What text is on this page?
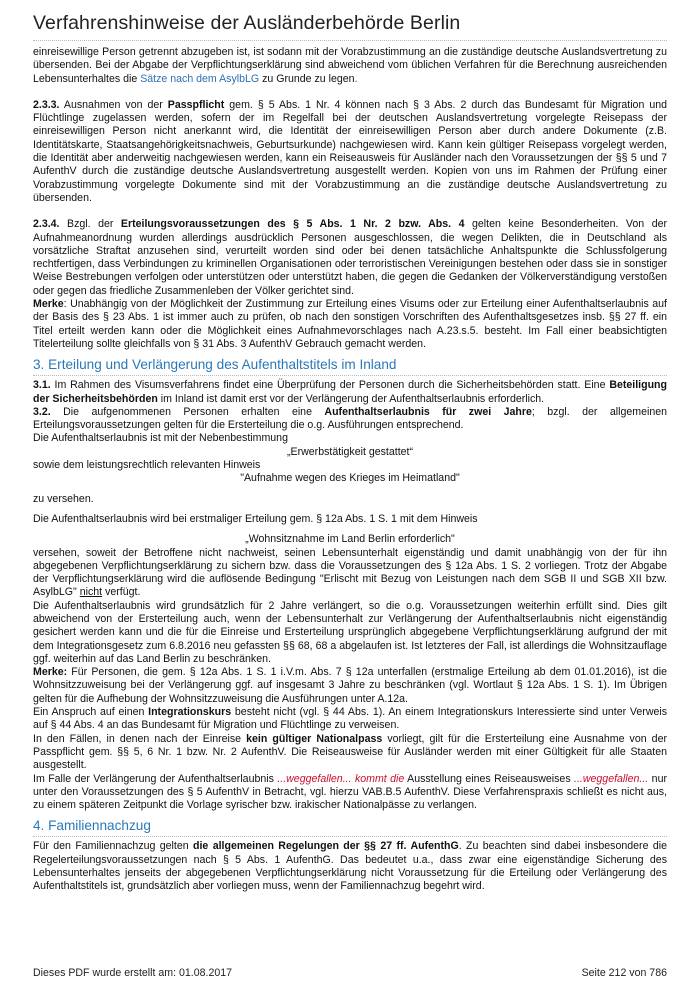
Verfahrenshinweise der Ausländerbehörde Berlin

einreisewillige Person getrennt abzugeben ist, ist sodann mit der Vorabzustimmung an die zuständige deutsche Auslandsvertretung zu übersenden. Bei der Abgabe der Verpflichtungserklärung sind abweichend vom üblichen Verfahren für die Berechnung ausreichenden Lebensunterhaltes die Sätze nach dem AsylbLG zu Grunde zu legen.

2.3.3. Ausnahmen von der Passpflicht gem. § 5 Abs. 1 Nr. 4 können nach § 3 Abs. 2 durch das Bundesamt für Migration und Flüchtlinge zugelassen werden, sofern der im Regelfall bei der deutschen Auslandsvertretung vorgelegte Reisepass der einreisewilligen Person nicht anerkannt wird, die Identität der einreisewilligen Person aber durch andere Dokumente (z.B. Identitätskarte, Staatsangehörigkeitsnachweis, Geburtsurkunde) nachgewiesen wird. Kann kein gültiger Reisepass vorgelegt werden, die Identität aber anderweitig nachgewiesen werden, kann ein Reiseausweis für Ausländer nach den Voraussetzungen der §§ 5 und 7 AufenthV durch die zuständige deutsche Auslandsvertretung ausgestellt werden. Kopien von uns im Rahmen der Prüfung einer Vorabzustimmung vorgelegte Dokumente sind mit der Vorabzustimmung an die zuständige deutsche Auslandsvertretung zu übersenden.

2.3.4. Bzgl. der Erteilungsvoraussetzungen des § 5 Abs. 1 Nr. 2 bzw. Abs. 4 gelten keine Besonderheiten. Von der Aufnahmeanordnung wurden allerdings ausdrücklich Personen ausgeschlossen, die wegen Delikten, die in Deutschland als vorsätzliche Straftat anzusehen sind, verurteilt worden sind oder bei denen tatsächliche Anhaltspunkte die Schlussfolgerung rechtfertigen, dass Verbindungen zu kriminellen Organisationen oder terroristischen Vereinigungen bestehen oder dass sie in sonstiger Weise Bestrebungen verfolgen oder unterstützen oder unterstützt haben, die gegen die Gedanken der Völkerverständigung verstoßen oder gegen das friedliche Zusammenleben der Völker gerichtet sind.

Merke: Unabhängig von der Möglichkeit der Zustimmung zur Erteilung eines Visums oder zur Erteilung einer Aufenthaltserlaubnis auf der Basis des § 23 Abs. 1 ist immer auch zu prüfen, ob nach den sonstigen Vorschriften des Aufenthaltsgesetzes insb. §§ 27 ff. ein Titel erteilt werden kann oder die Möglichkeit eines Aufnahmevorschlages nach A.23.s.5. besteht. Im Fall einer beabsichtigten Titelerteilung sollte gleichfalls von § 31 Abs. 3 AufenthV Gebrauch gemacht werden.

3. Erteilung und Verlängerung des Aufenthaltstitels im Inland

3.1. Im Rahmen des Visumsverfahrens findet eine Überprüfung der Personen durch die Sicherheitsbehörden statt. Eine Beteiligung der Sicherheitsbehörden im Inland ist damit erst vor der Verlängerung der Aufenthaltserlaubnis erforderlich.

3.2. Die aufgenommenen Personen erhalten eine Aufenthaltserlaubnis für zwei Jahre; bzgl. der allgemeinen Erteilungsvoraussetzungen gelten für die Ersterteilung die o.g. Ausführungen entsprechend.

Die Aufenthaltserlaubnis ist mit der Nebenbestimmung

„Erwerbstätigkeit gestattet“

sowie dem leistungsrechtlich relevanten Hinweis

"Aufnahme wegen des Krieges im Heimatland"

zu versehen.

Die Aufenthaltserlaubnis wird bei erstmaliger Erteilung gem. § 12a Abs. 1 S. 1 mit dem Hinweis

„Wohnsitznahme im Land Berlin erforderlich"

versehen, soweit der Betroffene nicht nachweist, seinen Lebensunterhalt eigenständig und damit unabhängig von der für ihn abgegebenen Verpflichtungserklärung zu sichern bzw. dass die Voraussetzungen des § 12a Abs. 1 S. 2 vorliegen. Trotz der Abgabe der Verpflichtungserklärung wird die auflösende Bedingung "Erlischt mit Bezug von Leistungen nach dem SGB II und SGB XII bzw. AsylbLG" nicht verfügt.

Die Aufenthaltserlaubnis wird grundsätzlich für 2 Jahre verlängert, so die o.g. Voraussetzungen weiterhin erfüllt sind. Dies gilt abweichend von der Ersterteilung auch, wenn der Lebensunterhalt zur Verlängerung der Aufenthaltserlaubnis nicht eigenständig gesichert werden kann und die für die Einreise und Ersterteilung ursprünglich abgegebene Verpflichtungserklärung aufgrund der mit dem Integrationsgesetz zum 6.8.2016 neu gefassten §§ 68, 68 a abgelaufen ist. Ist letzteres der Fall, ist allerdings die Wohnsitzauflage ggf. weiterhin auf das Land Berlin zu beschränken.

Merke: Für Personen, die gem. § 12a Abs. 1 S. 1 i.V.m. Abs. 7 § 12a unterfallen (erstmalige Erteilung ab dem 01.01.2016), ist die Wohnsitzzuweisung bei der Verlängerung ggf. auf insgesamt 3 Jahre zu beschränken (vgl. Wortlaut § 12a Abs. 1 S. 1). Im Übrigen gelten für die Aufhebung der Wohnsitzzuweisung die Ausführungen unter A.12a.

Ein Anspruch auf einen Integrationskurs besteht nicht (vgl. § 44 Abs. 1). An einem Integrationskurs Interessierte sind unter Verweis auf § 44 Abs. 4 an das Bundesamt für Migration und Flüchtlinge zu verweisen.

In den Fällen, in denen nach der Einreise kein gültiger Nationalpass vorliegt, gilt für die Ersterteilung eine Ausnahme von der Passpflicht gem. §§ 5, 6 Nr. 1 bzw. Nr. 2 AufenthV. Die Reiseausweise für Ausländer werden mit einer Gültigkeit für alle Staaten ausgestellt.

Im Falle der Verlängerung der Aufenthaltserlaubnis ...weggefallen... kommt die Ausstellung eines Reiseausweises ...weggefallen... nur unter den Voraussetzungen des § 5 AufenthV in Betracht, vgl. hierzu VAB.B.5 AufenthV. Diese Verfahrenspraxis schließt es nicht aus, zu einem späteren Zeitpunkt die Vorlage syrischer bzw. irakischer Nationalpässe zu verlangen.

4. Familiennachzug

Für den Familiennachzug gelten die allgemeinen Regelungen der §§ 27 ff. AufenthG. Zu beachten sind dabei insbesondere die Regelerteilungsvoraussetzungen nach § 5 Abs. 1 AufenthG. Das bedeutet u.a., dass zwar eine eigenständige Sicherung des Lebensunterhaltes jenseits der abgegebenen Verpflichtungserklärung nicht Voraussetzung für die Erteilung oder Verlängerung des Aufenthaltstitels ist, grundsätzlich aber vorliegen muss, wenn der Familiennachzug begehrt wird.

Dieses PDF wurde erstellt am: 01.08.2017	Seite 212 von 786
